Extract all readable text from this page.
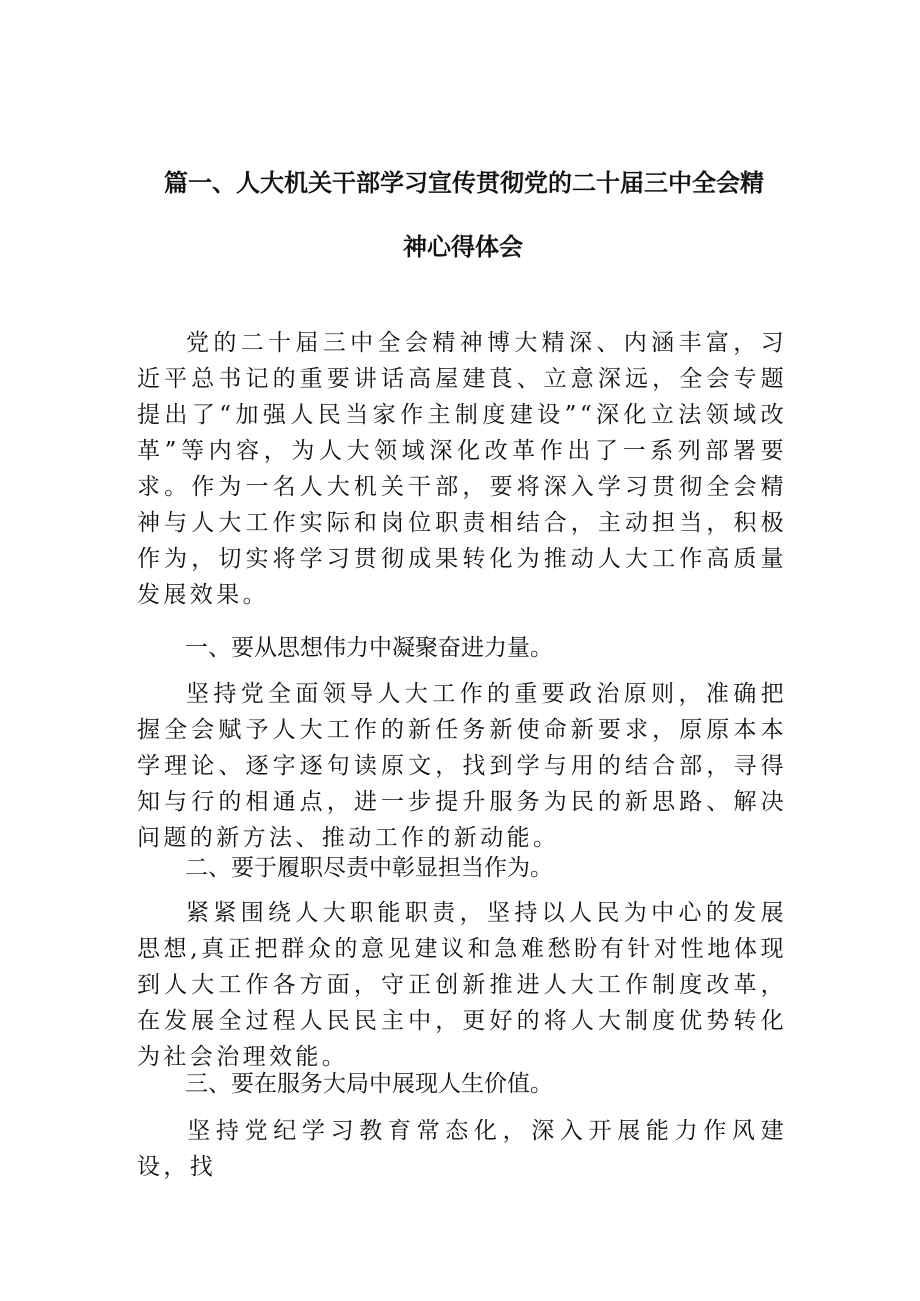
篇一、人大机关干部学习宣传贯彻党的二十届三中全会精
神心得体会
党的二十届三中全会精神博大精深、内涵丰富，习近平总书记的重要讲话高屋建茛、立意深远，全会专题提出了“加强人民当家作主制度建设”“深化立法领域改革”等内容，为人大领域深化改革作出了一系列部署要求。作为一名人大机关干部，要将深入学习贯彻全会精神与人大工作实际和岗位职责相结合，主动担当，积极作为，切实将学习贯彻成果转化为推动人大工作高质量发展效果。
一、要从思想伟力中凝聚奋进力量。
坚持党全面领导人大工作的重要政治原则，准确把握全会赋予人大工作的新任务新使命新要求，原原本本学理论、逐字逐句读原文，找到学与用的结合部，寻得知与行的相通点，进一步提升服务为民的新思路、解决问题的新方法、推动工作的新动能。
二、要于履职尽责中彰显担当作为。
紧紧围绕人大职能职责，坚持以人民为中心的发展思想,真正把群众的意见建议和急难愁盼有针对性地体现到人大工作各方面，守正创新推进人大工作制度改革，在发展全过程人民民主中，更好的将人大制度优势转化为社会治理效能。
三、要在服务大局中展现人生价值。
坚持党纪学习教育常态化，深入开展能力作风建设，找
